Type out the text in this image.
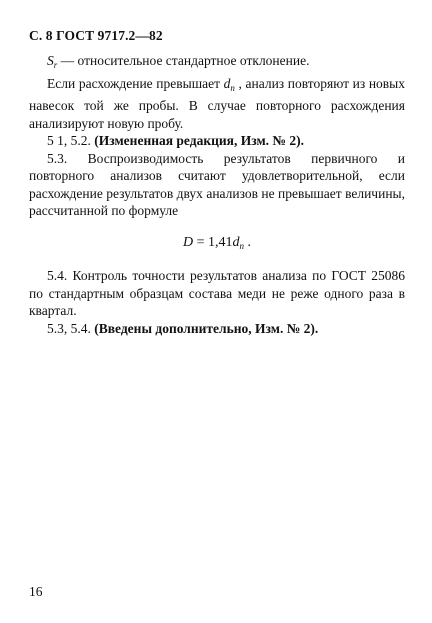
С. 8 ГОСТ 9717.2—82

$S_r$ — относительное стандартное отклонение.

Если расхождение превышает $d_n$ , анализ повторяют из новых навесок той же пробы. В случае повторного расхождения анализируют новую пробу.

5 1, 5.2. (Измененная редакция, Изм. № 2).

5.3. Воспроизводимость результатов первичного и повторного анализов считают удовлетворительной, если расхождение результатов двух анализов не превышает величины, рассчитанной по формуле

$D = 1,41d_n$ .

5.4. Контроль точности результатов анализа по ГОСТ 25086 по стандартным образцам состава меди не реже одного раза в квартал.

5.3, 5.4. (Введены дополнительно, Изм. № 2).

16
